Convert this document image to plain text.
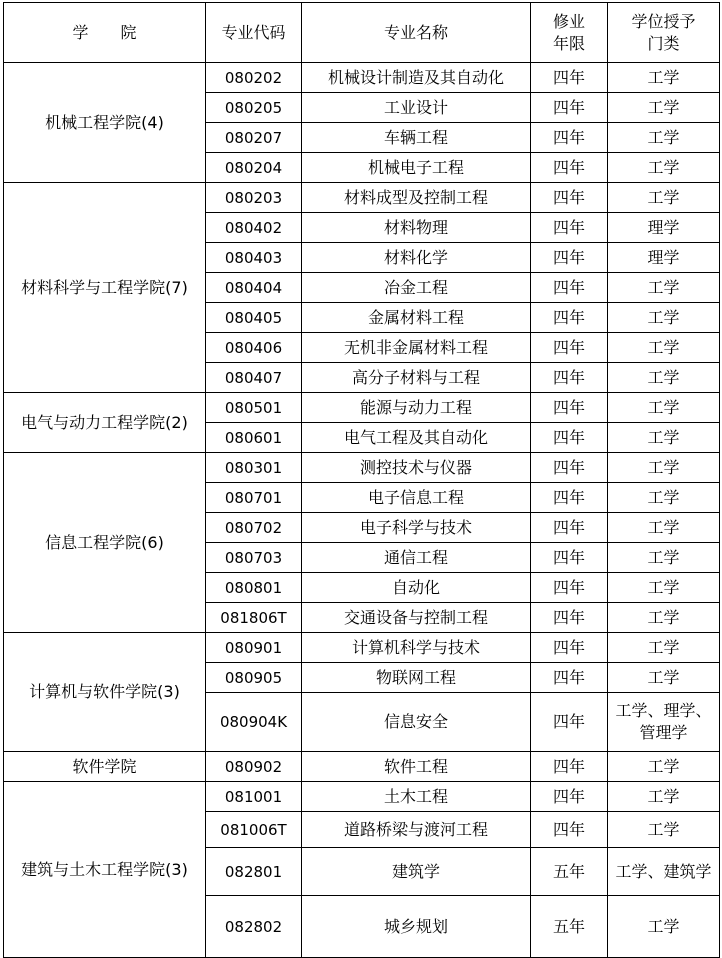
学　　院	专业代码	专业名称	修业年限	学位授予门类
机械工程学院(4)	080202	机械设计制造及其自动化	四年	工学
	080205	工业设计	四年	工学
	080207	车辆工程	四年	工学
	080204	机械电子工程	四年	工学
材料科学与工程学院(7)	080203	材料成型及控制工程	四年	工学
	080402	材料物理	四年	理学
	080403	材料化学	四年	理学
	080404	冶金工程	四年	工学
	080405	金属材料工程	四年	工学
	080406	无机非金属材料工程	四年	工学
	080407	高分子材料与工程	四年	工学
电气与动力工程学院(2)	080501	能源与动力工程	四年	工学
	080601	电气工程及其自动化	四年	工学
信息工程学院(6)	080301	测控技术与仪器	四年	工学
	080701	电子信息工程	四年	工学
	080702	电子科学与技术	四年	工学
	080703	通信工程	四年	工学
	080801	自动化	四年	工学
	081806T	交通设备与控制工程	四年	工学
计算机与软件学院(3)	080901	计算机科学与技术	四年	工学
	080905	物联网工程	四年	工学
	080904K	信息安全	四年	工学、理学、管理学
软件学院	080902	软件工程	四年	工学
建筑与土木工程学院(3)	081001	土木工程	四年	工学
	081006T	道路桥梁与渡河工程	四年	工学
	082801	建筑学	五年	工学、建筑学
	082802	城乡规划	五年	工学
